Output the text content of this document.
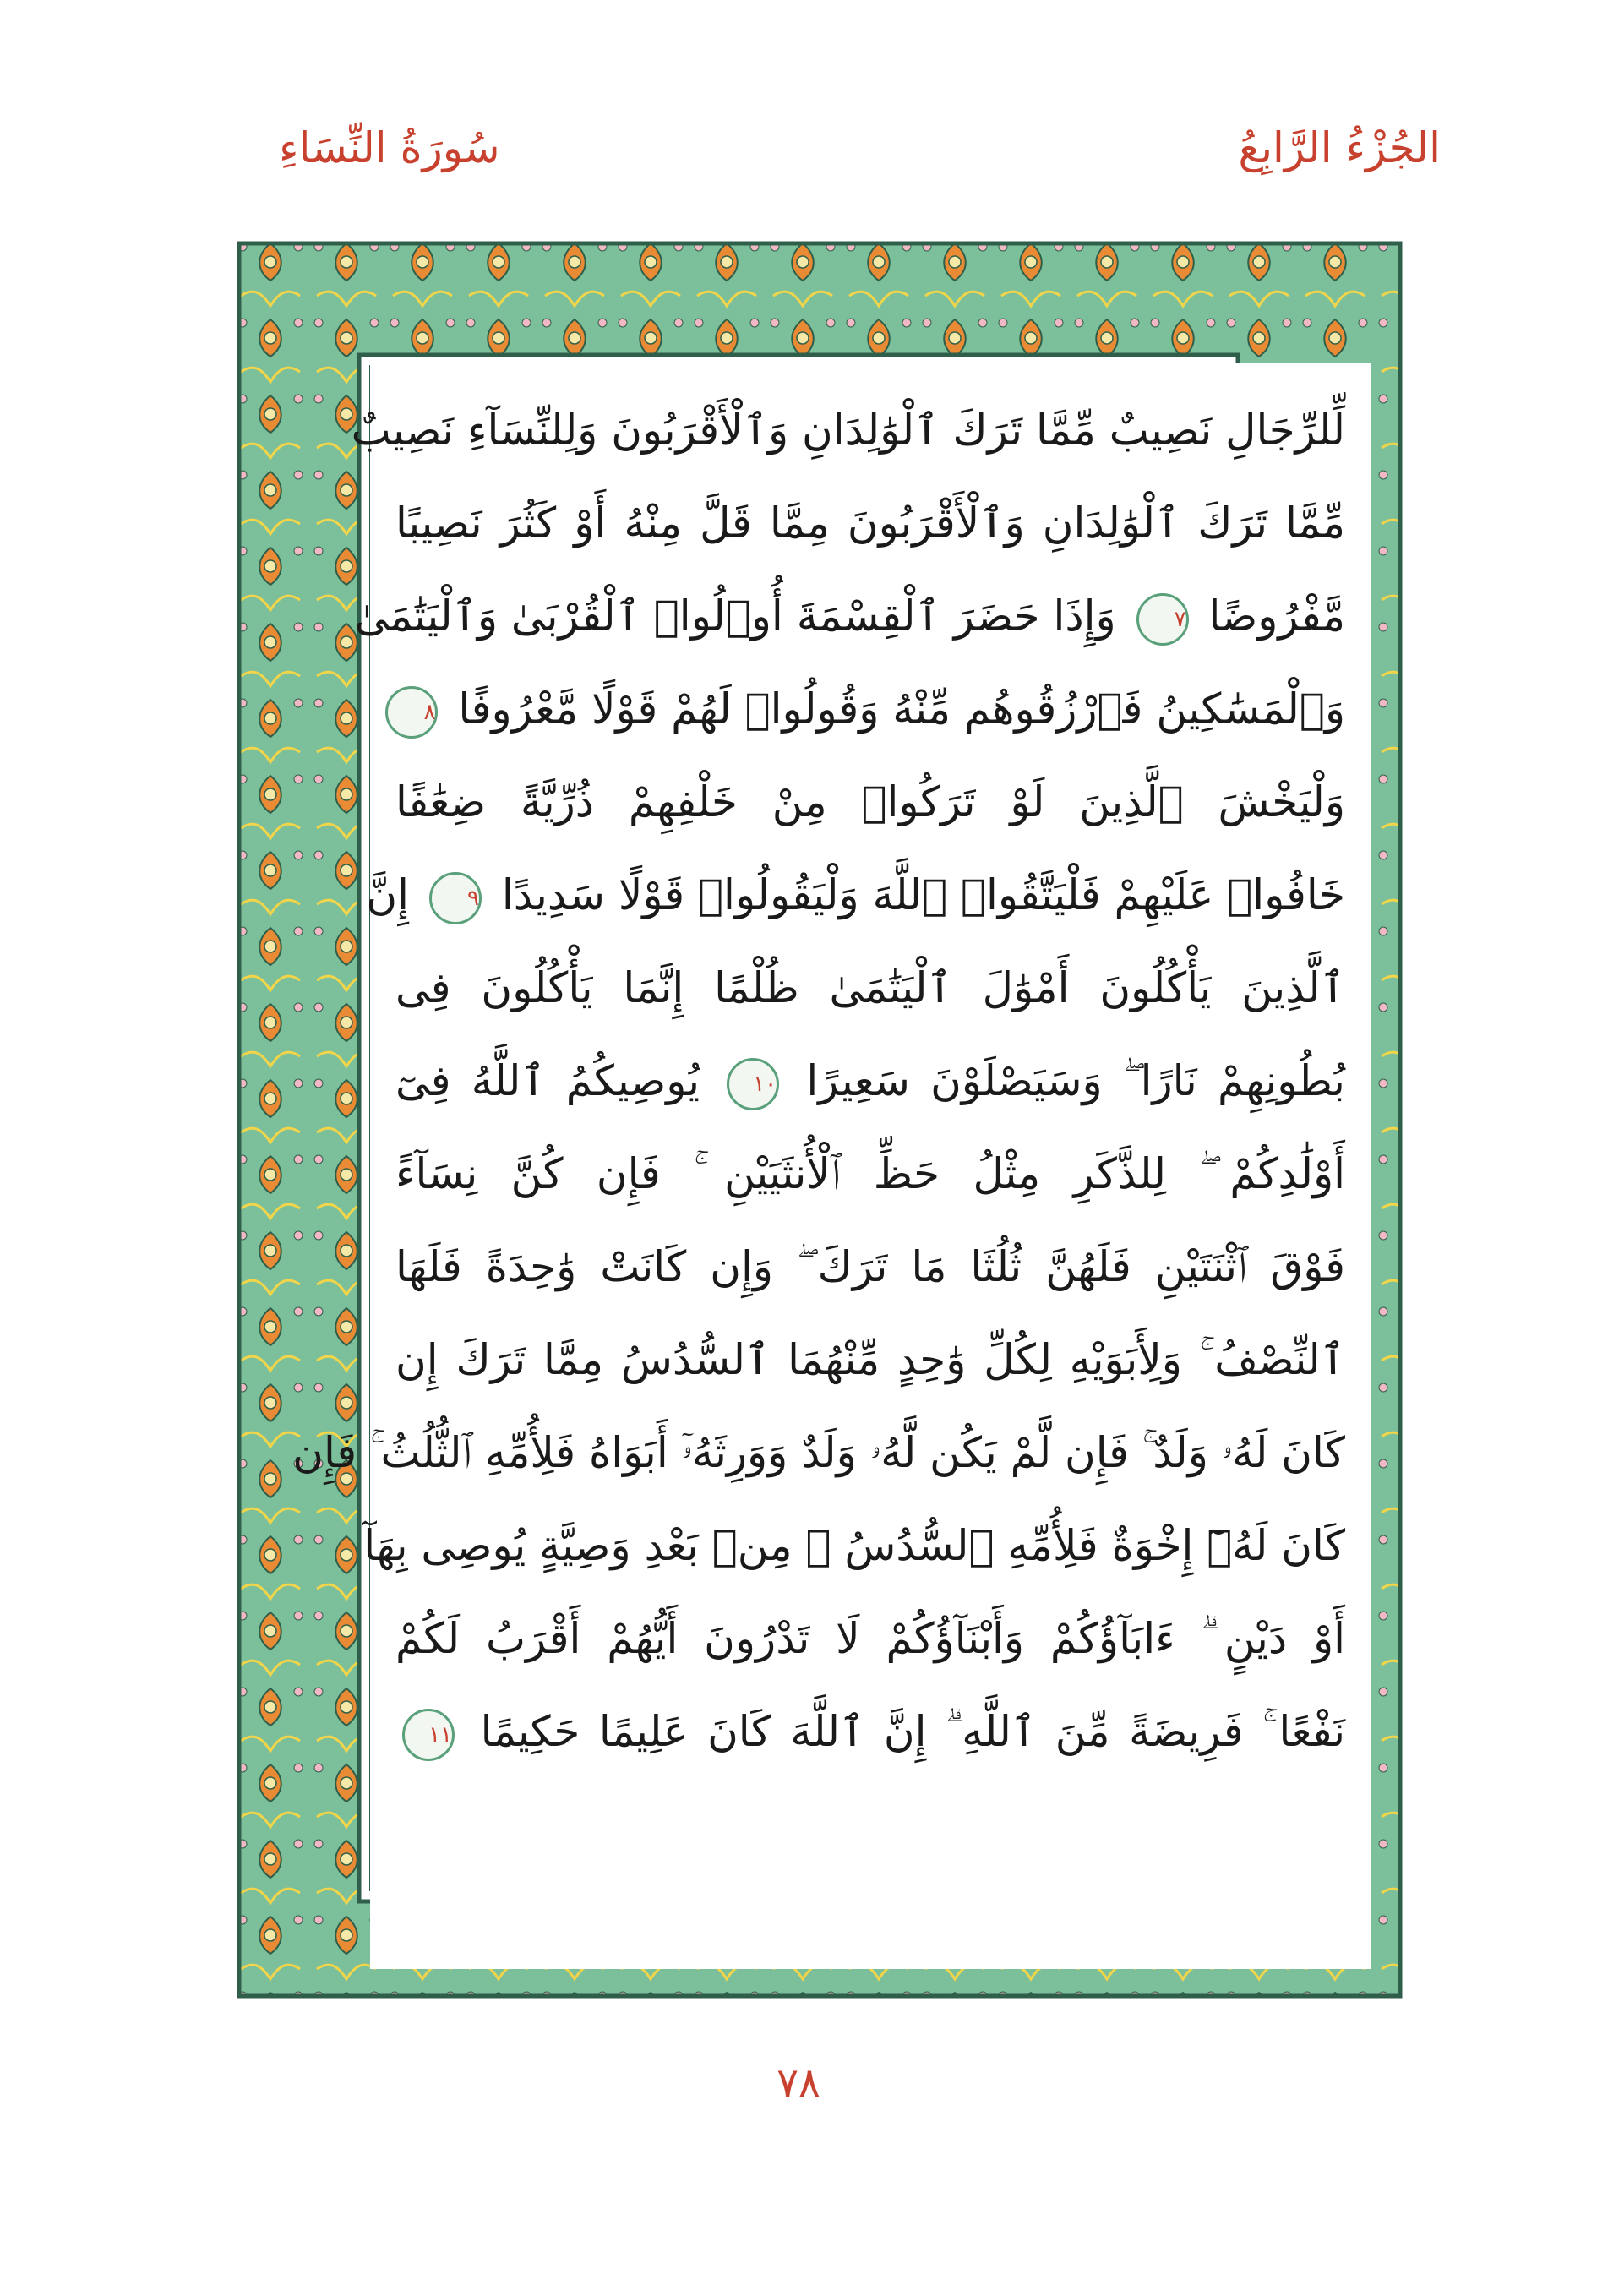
الجُزْءُ الرَّابِعُ
سُورَةُ النِّسَاءِ
لِّلرِّجَالِ نَصِيبٌ مِّمَّا تَرَكَ ٱلْوَٰلِدَانِ وَٱلْأَقْرَبُونَ وَلِلنِّسَآءِ نَصِيبٌ
مِّمَّا تَرَكَ ٱلْوَٰلِدَانِ وَٱلْأَقْرَبُونَ مِمَّا قَلَّ مِنْهُ أَوْ كَثُرَ نَصِيبًا
مَّفْرُوضًا ٧ وَإِذَا حَضَرَ ٱلْقِسْمَةَ أُو۟لُوا۟ ٱلْقُرْبَىٰ وَٱلْيَتَٰمَىٰ
وَٱلْمَسَٰكِينُ فَٱرْزُقُوهُم مِّنْهُ وَقُولُوا۟ لَهُمْ قَوْلًا مَّعْرُوفًا ٨
وَلْيَخْشَ ٱلَّذِينَ لَوْ تَرَكُوا۟ مِنْ خَلْفِهِمْ ذُرِّيَّةً ضِعَٰفًا
خَافُوا۟ عَلَيْهِمْ فَلْيَتَّقُوا۟ ٱللَّهَ وَلْيَقُولُوا۟ قَوْلًا سَدِيدًا ٩ إِنَّ
ٱلَّذِينَ يَأْكُلُونَ أَمْوَٰلَ ٱلْيَتَٰمَىٰ ظُلْمًا إِنَّمَا يَأْكُلُونَ فِى
بُطُونِهِمْ نَارًا ۖ وَسَيَصْلَوْنَ سَعِيرًا ١٠ يُوصِيكُمُ ٱللَّهُ فِىٓ
أَوْلَٰدِكُمْ ۖ لِلذَّكَرِ مِثْلُ حَظِّ ٱلْأُنثَيَيْنِ ۚ فَإِن كُنَّ نِسَآءً
فَوْقَ ٱثْنَتَيْنِ فَلَهُنَّ ثُلُثَا مَا تَرَكَ ۖ وَإِن كَانَتْ وَٰحِدَةً فَلَهَا
ٱلنِّصْفُ ۚ وَلِأَبَوَيْهِ لِكُلِّ وَٰحِدٍ مِّنْهُمَا ٱلسُّدُسُ مِمَّا تَرَكَ إِن
كَانَ لَهُۥ وَلَدٌ ۚ فَإِن لَّمْ يَكُن لَّهُۥ وَلَدٌ وَوَرِثَهُۥٓ أَبَوَاهُ فَلِأُمِّهِ ٱلثُّلُثُ ۚ فَإِن
كَانَ لَهُۥٓ إِخْوَةٌ فَلِأُمِّهِ ٱلسُّدُسُ ۚ مِنۢ بَعْدِ وَصِيَّةٍ يُوصِى بِهَآ
أَوْ دَيْنٍ ۗ ءَابَآؤُكُمْ وَأَبْنَآؤُكُمْ لَا تَدْرُونَ أَيُّهُمْ أَقْرَبُ لَكُمْ
نَفْعًا ۚ فَرِيضَةً مِّنَ ٱللَّهِ ۗ إِنَّ ٱللَّهَ كَانَ عَلِيمًا حَكِيمًا ١١
٧٨
